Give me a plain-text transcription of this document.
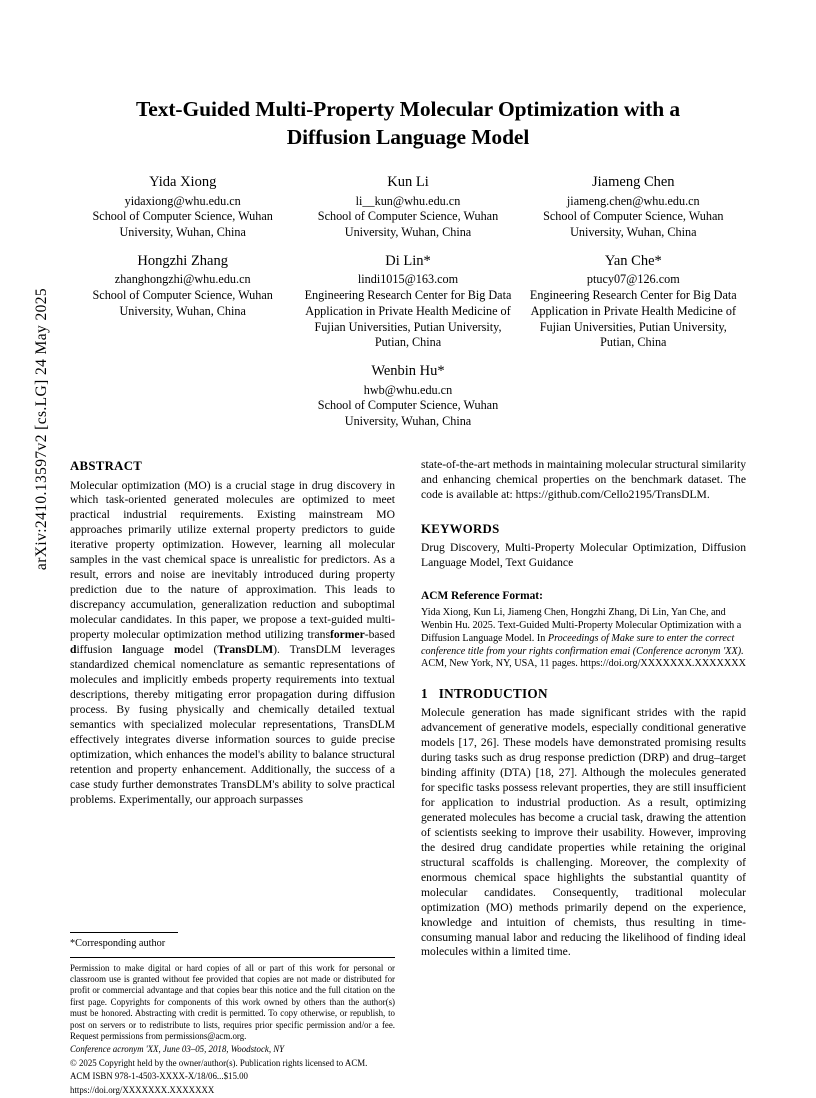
arXiv:2410.13597v2 [cs.LG] 24 May 2025
Text-Guided Multi-Property Molecular Optimization with a Diffusion Language Model
Yida Xiong
yidaxiong@whu.edu.cn
School of Computer Science, Wuhan University, Wuhan, China
Kun Li
li__kun@whu.edu.cn
School of Computer Science, Wuhan University, Wuhan, China
Jiameng Chen
jiameng.chen@whu.edu.cn
School of Computer Science, Wuhan University, Wuhan, China
Hongzhi Zhang
zhanghongzhi@whu.edu.cn
School of Computer Science, Wuhan University, Wuhan, China
Di Lin*
lindi1015@163.com
Engineering Research Center for Big Data Application in Private Health Medicine of Fujian Universities, Putian University, Putian, China
Yan Che*
ptucy07@126.com
Engineering Research Center for Big Data Application in Private Health Medicine of Fujian Universities, Putian University, Putian, China
Wenbin Hu*
hwb@whu.edu.cn
School of Computer Science, Wuhan University, Wuhan, China
ABSTRACT

Molecular optimization (MO) is a crucial stage in drug discovery in which task-oriented generated molecules are optimized to meet practical industrial requirements. Existing mainstream MO approaches primarily utilize external property predictors to guide iterative property optimization. However, learning all molecular samples in the vast chemical space is unrealistic for predictors. As a result, errors and noise are inevitably introduced during property prediction due to the nature of approximation. This leads to discrepancy accumulation, generalization reduction and suboptimal molecular candidates. In this paper, we propose a text-guided multi-property molecular optimization method utilizing transformer-based diffusion language model (TransDLM). TransDLM leverages standardized chemical nomenclature as semantic representations of molecules and implicitly embeds property requirements into textual descriptions, thereby mitigating error propagation during diffusion process. By fusing physically and chemically detailed textual semantics with specialized molecular representations, TransDLM effectively integrates diverse information sources to guide precise optimization, which enhances the model's ability to balance structural retention and property enhancement. Additionally, the success of a case study further demonstrates TransDLM's ability to solve practical problems. Experimentally, our approach surpasses

*Corresponding author

Permission to make digital or hard copies of all or part of this work for personal or classroom use is granted without fee provided that copies are not made or distributed for profit or commercial advantage and that copies bear this notice and the full citation on the first page. Copyrights for components of this work owned by others than the author(s) must be honored. Abstracting with credit is permitted. To copy otherwise, or republish, to post on servers or to redistribute to lists, requires prior specific permission and/or a fee. Request permissions from permissions@acm.org.

Conference acronym 'XX, June 03–05, 2018, Woodstock, NY

© 2025 Copyright held by the owner/author(s). Publication rights licensed to ACM.

ACM ISBN 978-1-4503-XXXX-X/18/06...$15.00

https://doi.org/XXXXXXX.XXXXXXX

state-of-the-art methods in maintaining molecular structural similarity and enhancing chemical properties on the benchmark dataset. The code is available at: https://github.com/Cello2195/TransDLM.

KEYWORDS

Drug Discovery, Multi-Property Molecular Optimization, Diffusion Language Model, Text Guidance

ACM Reference Format:
Yida Xiong, Kun Li, Jiameng Chen, Hongzhi Zhang, Di Lin, Yan Che, and Wenbin Hu. 2025. Text-Guided Multi-Property Molecular Optimization with a Diffusion Language Model. In Proceedings of Make sure to enter the correct conference title from your rights confirmation emai (Conference acronym 'XX). ACM, New York, NY, USA, 11 pages. https://doi.org/XXXXXXX.XXXXXXX
1 INTRODUCTION

Molecule generation has made significant strides with the rapid advancement of generative models, especially conditional generative models [17, 26]. These models have demonstrated promising results during tasks such as drug response prediction (DRP) and drug–target binding affinity (DTA) [18, 27]. Although the molecules generated for specific tasks possess relevant properties, they are still insufficient for application to industrial production. As a result, optimizing generated molecules has become a crucial task, drawing the attention of scientists seeking to improve their usability. However, improving the desired drug candidate properties while retaining the original structural scaffolds is challenging. Moreover, the complexity of enormous chemical space highlights the substantial quantity of molecular candidates. Consequently, traditional molecular optimization (MO) methods primarily depend on the experience, knowledge and intuition of chemists, thus resulting in time-consuming manual labor and reducing the likelihood of finding ideal molecules within a limited time.
